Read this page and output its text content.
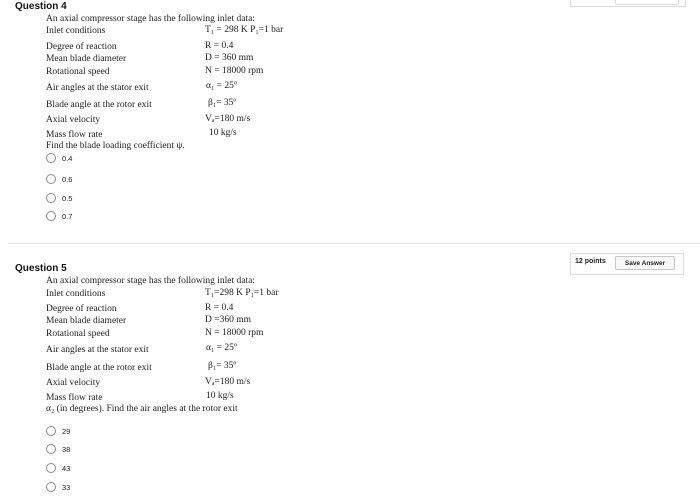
Question 4
An axial compressor stage has the following inlet data:
Inlet conditions	T₁ = 298 K P₁=1 bar
Degree of reaction	R = 0.4
Mean blade diameter	D = 360 mm
Rotational speed	N = 18000 rpm
Air angles at the stator exit	α₁ = 25º
Blade angle at the rotor exit	β₁= 35º
Axial velocity	Vₐ=180 m/s
Mass flow rate	10 kg/s
Find the blade loading coefficient ψ.
0.4
0.6
0.5
0.7
12 points	Save Answer
Question 5
An axial compressor stage has the following inlet data:
Inlet conditions	T₁=298 K P₁=1 bar
Degree of reaction	R = 0.4
Mean blade diameter	D =360 mm
Rotational speed	N = 18000 rpm
Air angles at the stator exit	α₁ = 25º
Blade angle at the rotor exit	β₁= 35º
Axial velocity	Vₐ=180 m/s
Mass flow rate	10 kg/s
α₂ (in degrees). Find the air angles at the rotor exit
29
38
43
33
